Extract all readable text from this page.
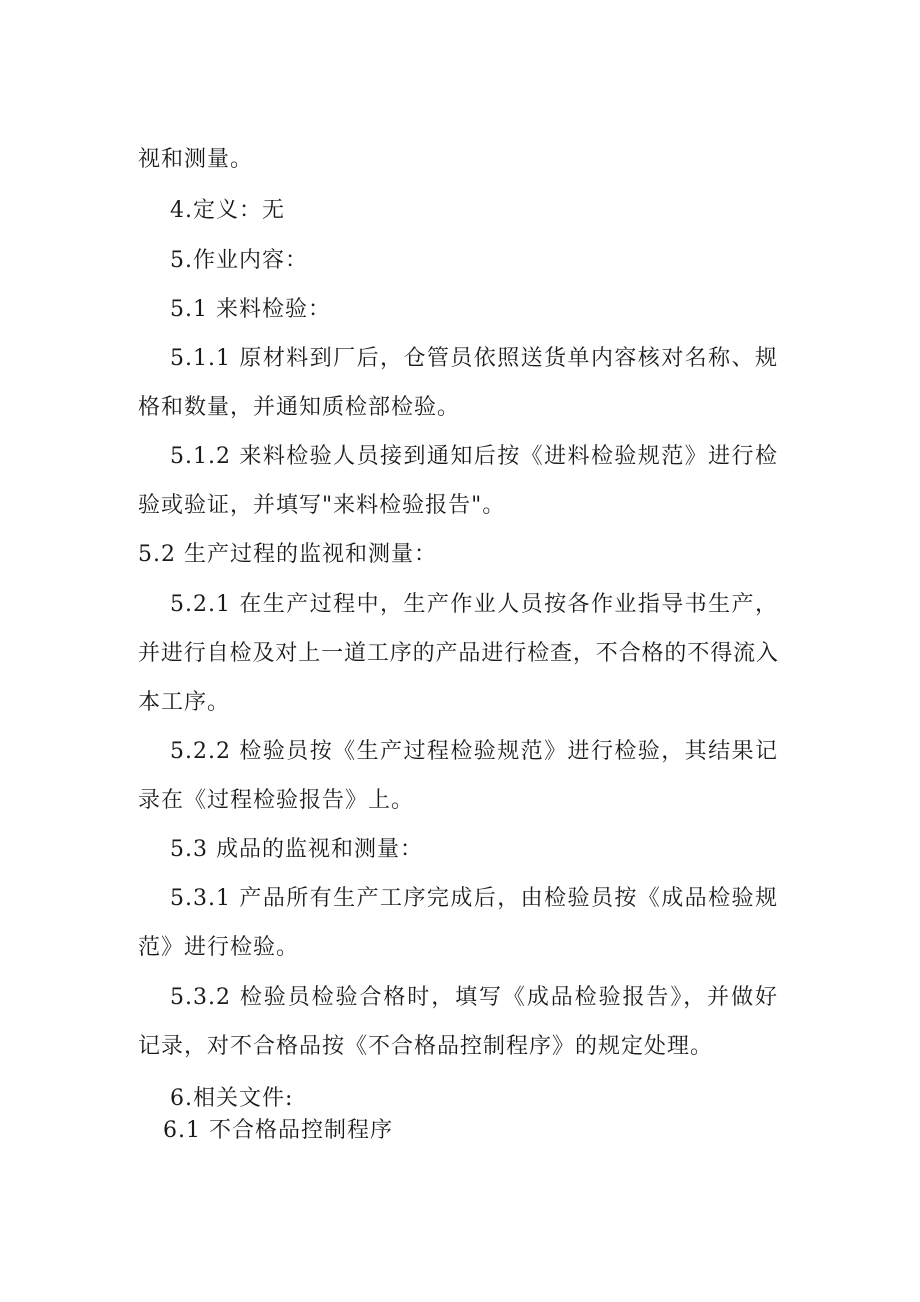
视和测量。
4.定义：无
5.作业内容：
5.1 来料检验：
5.1.1 原材料到厂后，仓管员依照送货单内容核对名称、规
格和数量，并通知质检部检验。
5.1.2 来料检验人员接到通知后按《进料检验规范》进行检
验或验证，并填写"来料检验报告"。
5.2 生产过程的监视和测量：
5.2.1 在生产过程中，生产作业人员按各作业指导书生产，
并进行自检及对上一道工序的产品进行检查，不合格的不得流入
本工序。
5.2.2 检验员按《生产过程检验规范》进行检验，其结果记
录在《过程检验报告》上。
5.3 成品的监视和测量：
5.3.1 产品所有生产工序完成后，由检验员按《成品检验规
范》进行检验。
5.3.2 检验员检验合格时，填写《成品检验报告》，并做好
记录，对不合格品按《不合格品控制程序》的规定处理。
6.相关文件:
6.1 不合格品控制程序
